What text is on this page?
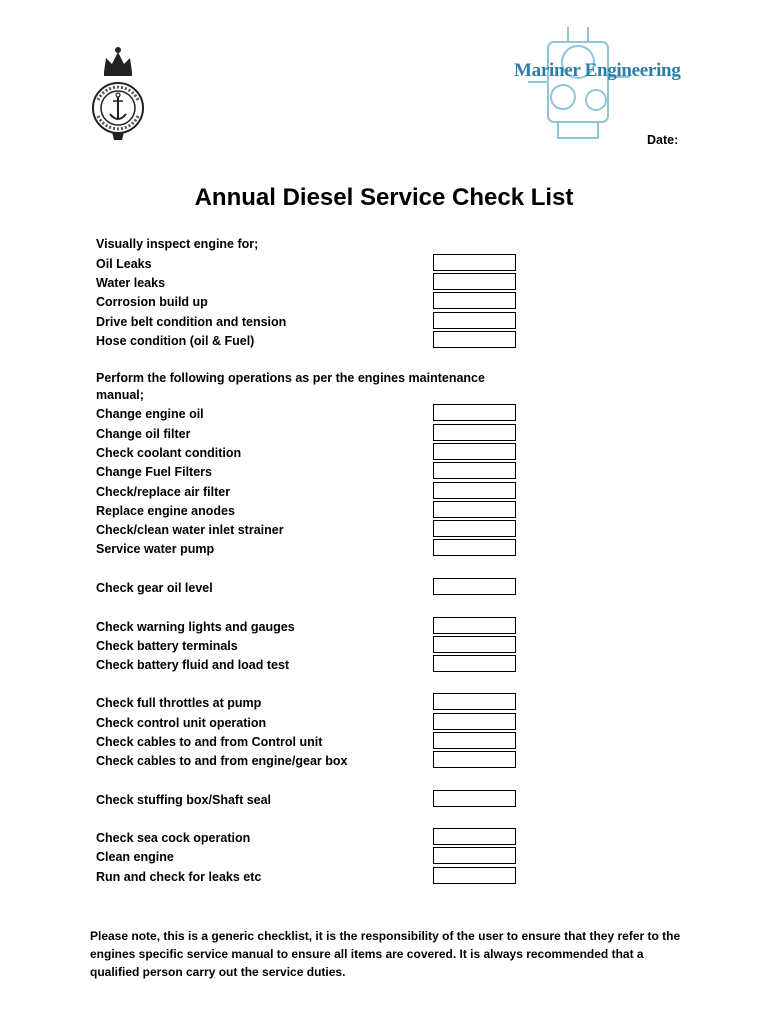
Mariner Engineering
Date:
Annual Diesel Service Check List
Visually inspect engine for;
Oil Leaks
Water leaks
Corrosion build up
Drive belt condition and tension
Hose condition (oil & Fuel)
Perform the following operations as per the engines maintenance manual;
Change engine oil
Change oil filter
Check coolant condition
Change Fuel Filters
Check/replace air filter
Replace engine anodes
Check/clean water inlet strainer
Service water pump
Check gear oil level
Check warning lights and gauges
Check battery terminals
Check battery fluid and load test
Check full throttles at pump
Check control unit operation
Check cables to and from Control unit
Check cables to and from engine/gear box
Check stuffing box/Shaft seal
Check sea cock operation
Clean engine
Run and check for leaks etc
Please note, this is a generic checklist, it is the responsibility of the user to ensure that they refer to the engines specific service manual to ensure all items are covered. It is always recommended that a qualified person carry out the service duties.
